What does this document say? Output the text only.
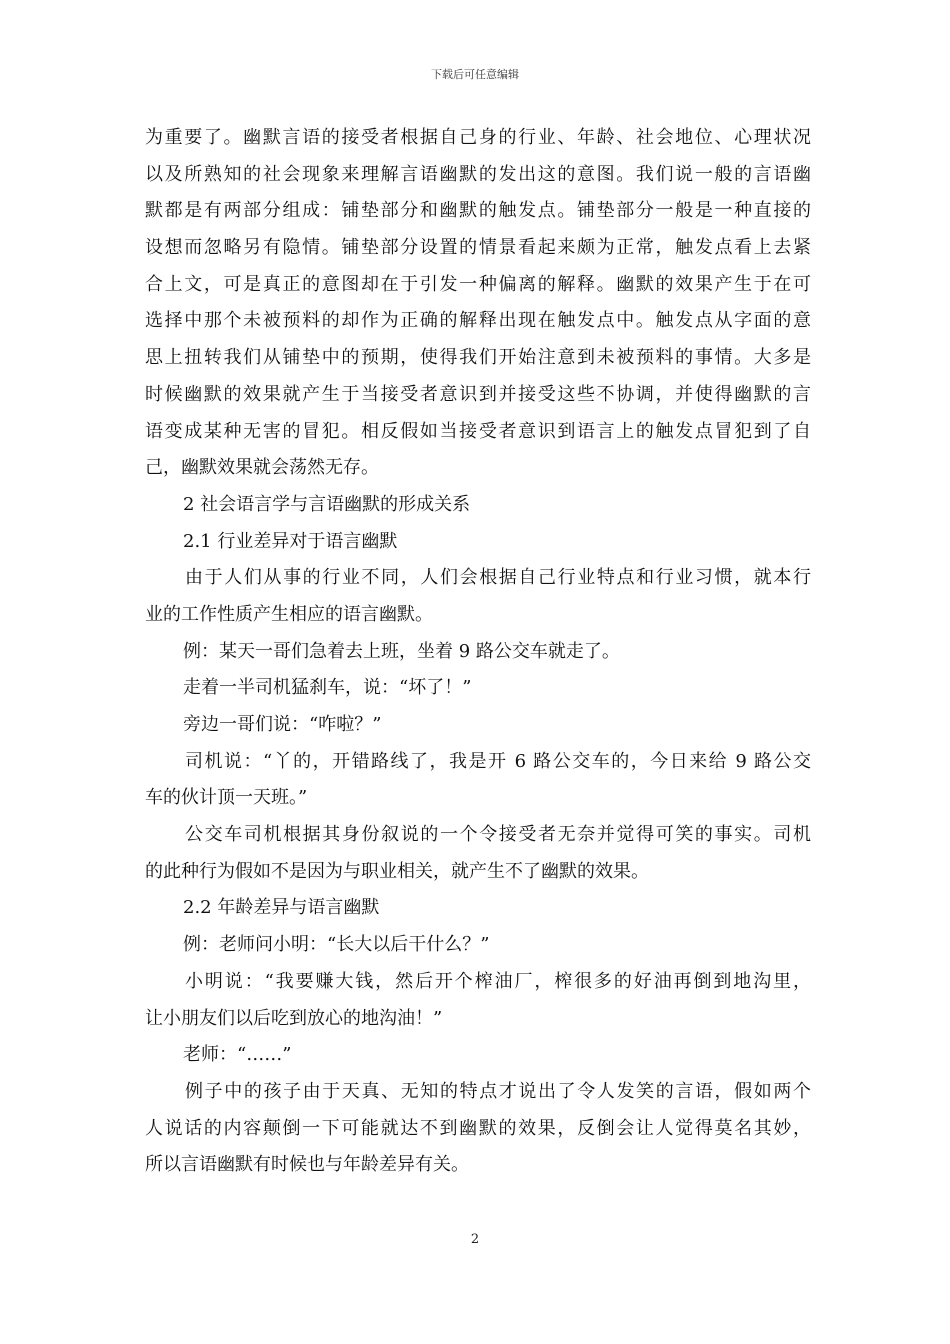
下载后可任意编辑
为重要了。幽默言语的接受者根据自己身的行业、年龄、社会地位、心理状况
以及所熟知的社会现象来理解言语幽默的发出这的意图。我们说一般的言语幽
默都是有两部分组成：铺垫部分和幽默的触发点。铺垫部分一般是一种直接的
设想而忽略另有隐情。铺垫部分设置的情景看起来颇为正常，触发点看上去紧
合上文，可是真正的意图却在于引发一种偏离的解释。幽默的效果产生于在可
选择中那个未被预料的却作为正确的解释出现在触发点中。触发点从字面的意
思上扭转我们从铺垫中的预期，使得我们开始注意到未被预料的事情。大多是
时候幽默的效果就产生于当接受者意识到并接受这些不协调，并使得幽默的言
语变成某种无害的冒犯。相反假如当接受者意识到语言上的触发点冒犯到了自
己，幽默效果就会荡然无存。
2 社会语言学与言语幽默的形成关系
2.1 行业差异对于语言幽默
由于人们从事的行业不同，人们会根据自己行业特点和行业习惯，就本行
业的工作性质产生相应的语言幽默。
例：某天一哥们急着去上班，坐着 9 路公交车就走了。
走着一半司机猛刹车，说：“坏了！”
旁边一哥们说：“咋啦？”
司机说：“丫的，开错路线了，我是开 6 路公交车的，今日来给 9 路公交
车的伙计顶一天班。”
公交车司机根据其身份叙说的一个令接受者无奈并觉得可笑的事实。司机
的此种行为假如不是因为与职业相关，就产生不了幽默的效果。
2.2 年龄差异与语言幽默
例：老师问小明：“长大以后干什么？”
小明说：“我要赚大钱，然后开个榨油厂，榨很多的好油再倒到地沟里，
让小朋友们以后吃到放心的地沟油！”
老师：“……”
例子中的孩子由于天真、无知的特点才说出了令人发笑的言语，假如两个
人说话的内容颠倒一下可能就达不到幽默的效果，反倒会让人觉得莫名其妙，
所以言语幽默有时候也与年龄差异有关。
2
